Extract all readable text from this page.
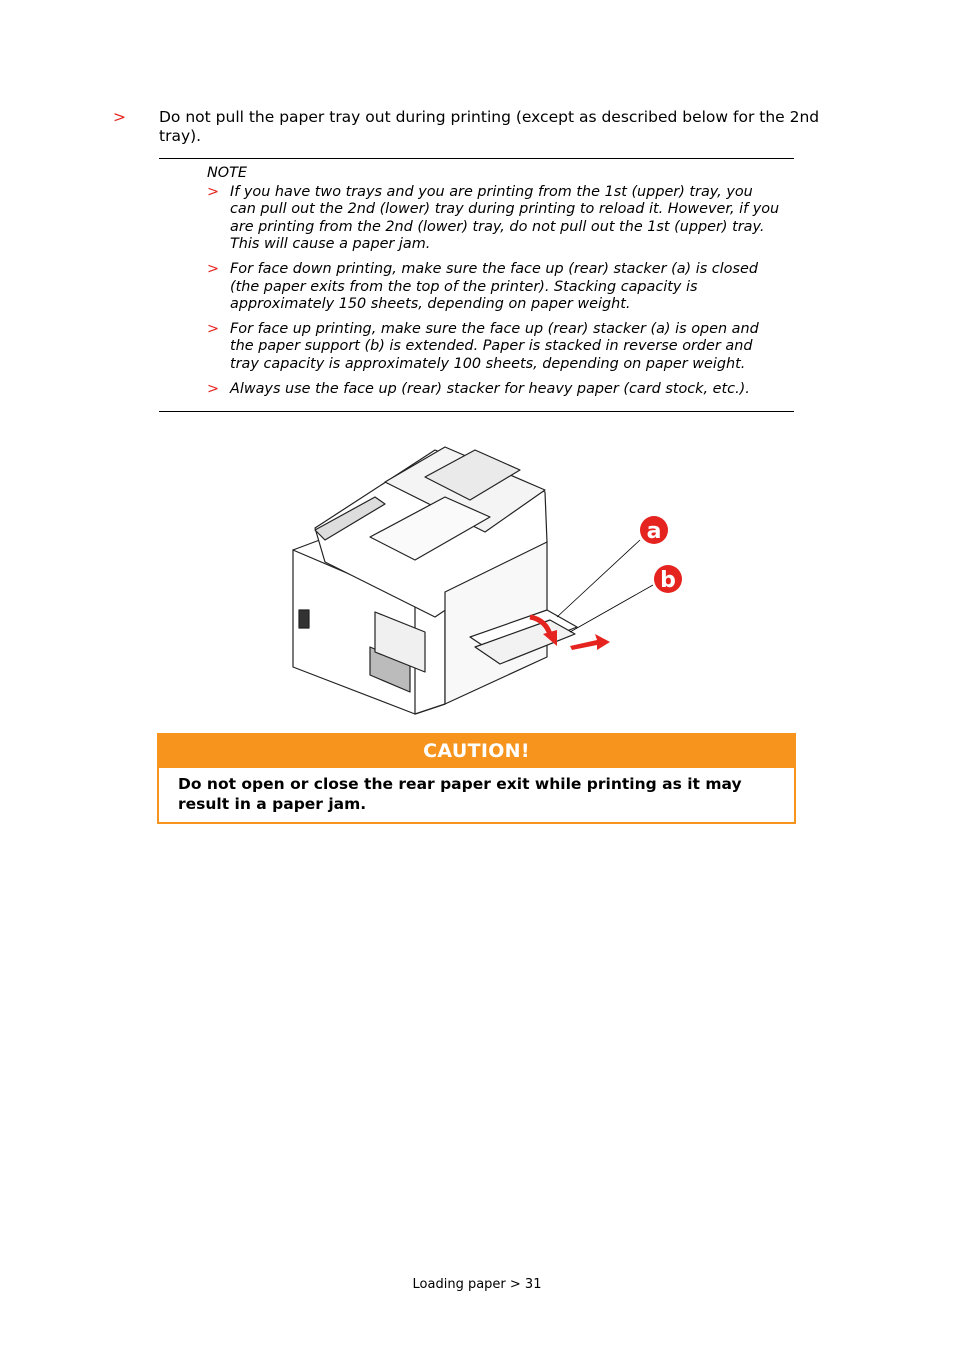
> Do not pull the paper tray out during printing (except as described below for the 2nd tray).
NOTE
> If you have two trays and you are printing from the 1st (upper) tray, you can pull out the 2nd (lower) tray during printing to reload it. However, if you are printing from the 2nd (lower) tray, do not pull out the 1st (upper) tray. This will cause a paper jam.
> For face down printing, make sure the face up (rear) stacker (a) is closed (the paper exits from the top of the printer). Stacking capacity is approximately 150 sheets, depending on paper weight.
> For face up printing, make sure the face up (rear) stacker (a) is open and the paper support (b) is extended. Paper is stacked in reverse order and tray capacity is approximately 100 sheets, depending on paper weight.
> Always use the face up (rear) stacker for heavy paper (card stock, etc.).
a
b
CAUTION!
Do not open or close the rear paper exit while printing as it may result in a paper jam.
Loading paper > 31
